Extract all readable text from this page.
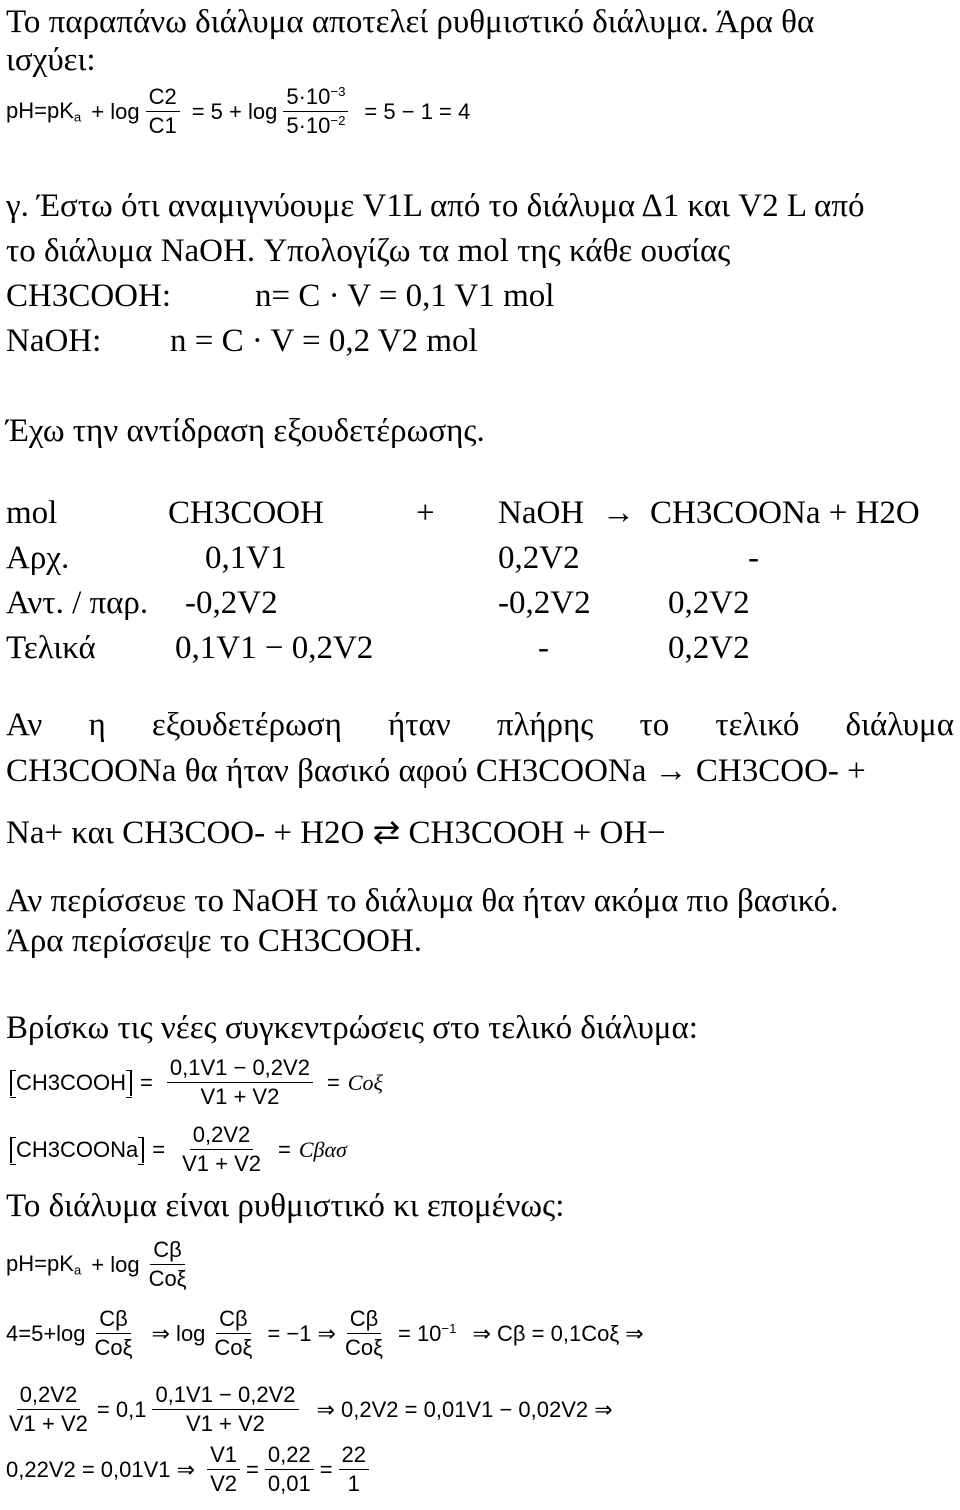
Το παραπάνω διάλυμα αποτελεί ρυθμιστικό διάλυμα. Άρα θα
ισχύει:
$pH=pK_a + \log \frac{C2}{C1} = 5 + \log \frac{5\cdot 10^{-3}}{5\cdot 10^{-2}} = 5 - 1 = 4$
γ. Έστω ότι αναμιγνύουμε V1L από το διάλυμα Δ1 και V2 L από
το διάλυμα NaOH. Υπολογίζω τα mol της κάθε ουσίας
CH3COOH:	n= C · V = 0,1 V1 mol
NaOH: n = C · V = 0,2 V2 mol
Έχω την αντίδραση εξουδετέρωσης.
mol	CH3COOH	+ NaOH → CH3COONa + H2O
Αρχ.	0,1V1	0,2V2	-
Αντ. / παρ. -0,2V2	-0,2V2 0,2V2
Τελικά 0,1V1 − 0,2V2	-	0,2V2
Αν η εξουδετέρωση ήταν πλήρης το τελικό διάλυμα
CH3COONa θα ήταν βασικό αφού CH3COONa → CH3COO- +
Na+ και CH3COO- + H2O ⇄ CH3COOH + OH−
Αν περίσσευε το NaOH το διάλυμα θα ήταν ακόμα πιο βασικό.
Άρα περίσσεψε το CH3COOH.
Βρίσκω τις νέες συγκεντρώσεις στο τελικό διάλυμα:
CH3COOH = $\frac{0,1V1 - 0,2V2}{V1 + V2} = Co\xi$
CH3COONa = $\frac{0,2V2}{V1 + V2} = C\beta\alpha\sigma$
Το διάλυμα είναι ρυθμιστικό κι επομένως:
$pH=pK_a + \log \frac{C\beta}{\text{Coξ}}$
$4=5+\log \frac{C\beta}{\text{Coξ}}$ ⇒ $\log \frac{C\beta}{\text{Coξ}} = -1$ ⇒ $\frac{C\beta}{\text{Coξ}} = 10^{-1}$ ⇒ Cβ = 0,1Cοξ ⇒
$\frac{0,2V2}{V1 + V2} = 0,1 \frac{0,1V1 - 0,2V2}{V1 + V2}$ ⇒ 0,2V2 = 0,01V1 − 0,02V2 ⇒
0,22V2 = 0,01V1 ⇒ $\frac{V1}{V2} = \frac{0,22}{0,01} = \frac{22}{1}$
